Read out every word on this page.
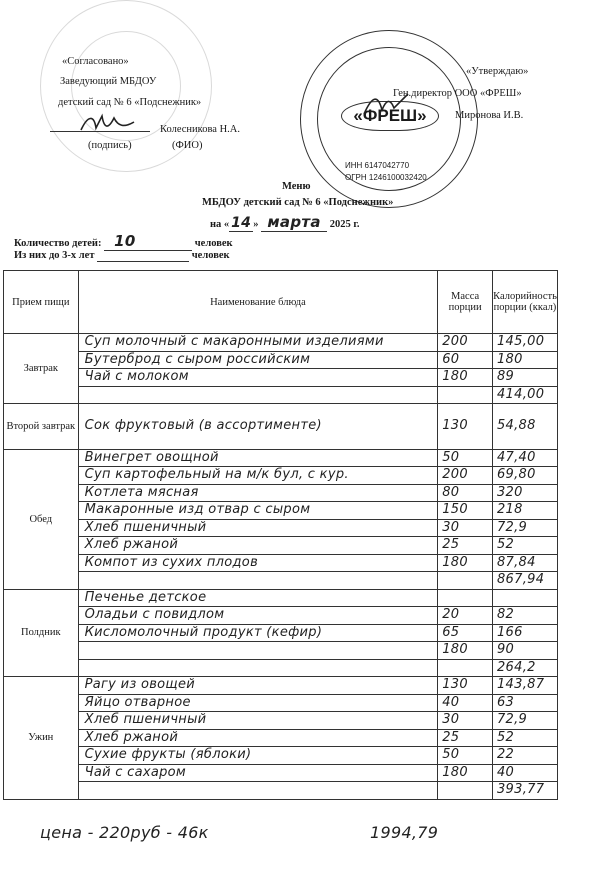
«ФРЕШ»
ИНН 6147042770
ОГРН 1246100032420
«Согласовано»
Заведующий МБДОУ
детский сад № 6 «Подснежник»
Колесникова Н.А.
(подпись)	(ФИО)
«Утверждаю»
Ген.директор ООО «ФРЕШ»
Миронова И.В.
Меню
МБДОУ детский сад № 6 «Подснежник»
на « 14 » марта 2025 г.
Количество детей: 10	человек
Из них до 3-х лет	человек
Прием пищи	Наименование блюда	Масса порции	Калорийность порции (ккал)
Завтрак	Суп молочный с макаронными изделиями	200	145,00

	Бутерброд с сыром российским	60	180

	Чай с молоком	180	89

			414,00

Второй завтрак	Сок фруктовый (в ассортименте)	130	54,88

Обед	Винегрет овощной	50	47,40

	Суп картофельный на м/к бул, с кур.	200	69,80

	Котлета мясная	80	320

	Макаронные изд отвар с сыром	150	218

	Хлеб пшеничный	30	72,9

	Хлеб ржаной	25	52

	Компот из сухих плодов	180	87,84

			867,94

Полдник	Печенье детское		

	Оладьи с повидлом	20	82

	Кисломолочный продукт (кефир)	65	166

		180	90

			264,2

Ужин	Рагу из овощей	130	143,87

	Яйцо отварное	40	63

	Хлеб пшеничный	30	72,9

	Хлеб ржаной	25	52

	Сухие фрукты (яблоки)	50	22

	Чай с сахаром	180	40

			393,77
цена - 220руб - 46к	1994,79
